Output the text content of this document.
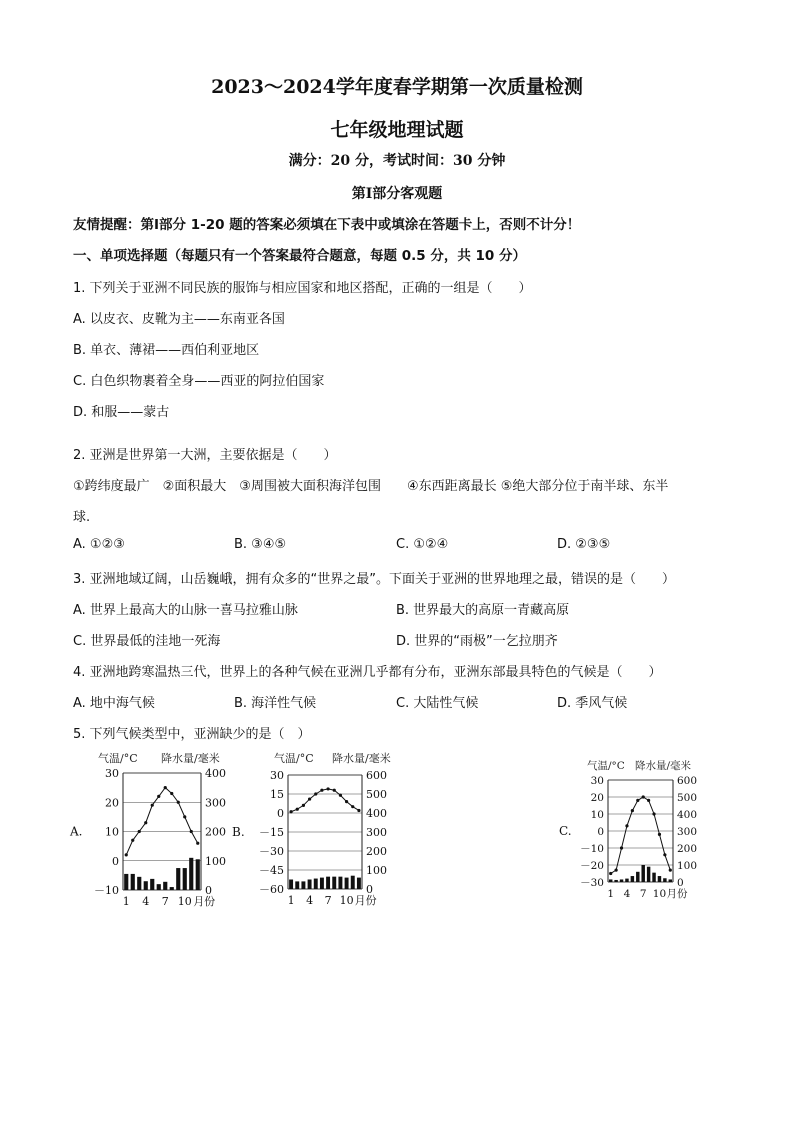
2023～2024学年度春学期第一次质量检测
七年级地理试题
满分：20 分，考试时间：30 分钟
第Ⅰ部分客观题
友情提醒：第Ⅰ部分 1-20 题的答案必须填在下表中或填涂在答题卡上，否则不计分！
一、单项选择题（每题只有一个答案最符合题意，每题 0.5 分，共 10 分）
1. 下列关于亚洲不同民族的服饰与相应国家和地区搭配，正确的一组是（　　）
A. 以皮衣、皮靴为主——东南亚各国
B. 单衣、薄裙——西伯利亚地区
C. 白色织物裹着全身——西亚的阿拉伯国家
D. 和服——蒙古
2. 亚洲是世界第一大洲，主要依据是（　　）
①跨纬度最广　②面积最大　③周围被大面积海洋包围　　④东西距离最长 ⑤绝大部分位于南半球、东半
球.
A. ①②③	B. ③④⑤	C. ①②④	D. ②③⑤
3. 亚洲地域辽阔，山岳巍峨，拥有众多的“世界之最”。下面关于亚洲的世界地理之最，错误的是（　　）
A. 世界上最高大的山脉一喜马拉雅山脉	B. 世界最大的高原一青藏高原
C. 世界最低的洼地一死海	D. 世界的“雨极”一乞拉朋齐
4. 亚洲地跨寒温热三代，世界上的各种气候在亚洲几乎都有分布，亚洲东部最具特色的气候是（　　）
A. 地中海气候	B. 海洋性气候	C. 大陆性气候	D. 季风气候
5. 下列气候类型中，亚洲缺少的是（　）
A.
气温/°C 降水量/毫米
30
20
10
0
－10
400
300
200
100
0
1 4 7 10 月份
B.
气温/°C 降水量/毫米
30
15
0
－15
－30
－45
－60
600
500
400
300
200
100
0
1 4 7 10 月份
C.
气温/°C 降水量/毫米
30
20
10
0
－10
－20
－30
600
500
400
300
200
100
0
1 4 7 10 月份
